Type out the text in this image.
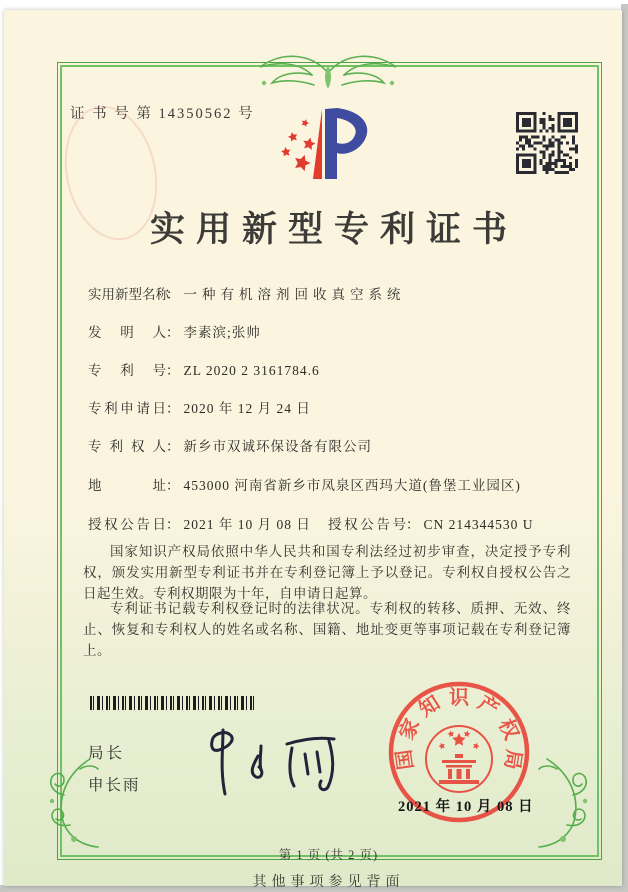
证 书 号 第 14350562 号
实用新型专利证书
实用新型名称： 一种有机溶剂回收真空系统
发明人： 李素滨;张帅
专利号： ZL 2020 2 3161784.6
专利申请日： 2020 年 12 月 24 日
专利权人： 新乡市双诚环保设备有限公司
地址： 453000 河南省新乡市凤泉区西玛大道(鲁堡工业园区)
授权公告日： 2021 年 10 月 08 日 授权公告号： CN 214344530 U
国家知识产权局依照中华人民共和国专利法经过初步审查，决定授予专利权，颁发实用新型专利证书并在专利登记簿上予以登记。专利权自授权公告之日起生效。专利权期限为十年，自申请日起算。
专利证书记载专利权登记时的法律状况。专利权的转移、质押、无效、终止、恢复和专利权人的姓名或名称、国籍、地址变更等事项记载在专利登记簿上。
局长
申长雨
国
家
知 识 产
权
局
2021 年 10 月 08 日
第 1 页 (共 2 页)
其他事项参见背面
